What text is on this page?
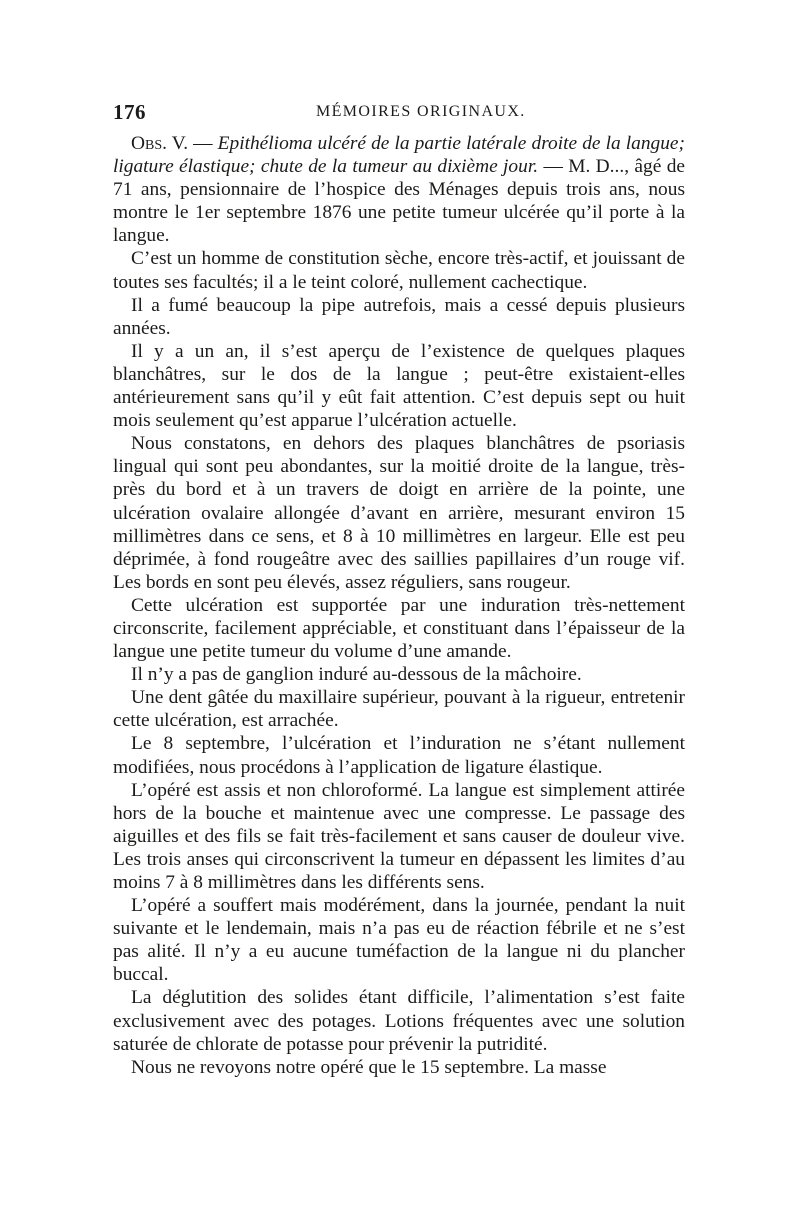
176	MÉMOIRES ORIGINAUX.

Obs. V. — Epithélioma ulcéré de la partie latérale droite de la langue; ligature élastique; chute de la tumeur au dixième jour. — M. D..., âgé de 71 ans, pensionnaire de l’hospice des Ménages depuis trois ans, nous montre le 1er septembre 1876 une petite tumeur ulcérée qu’il porte à la langue.

C’est un homme de constitution sèche, encore très-actif, et jouissant de toutes ses facultés; il a le teint coloré, nullement cachectique.

Il a fumé beaucoup la pipe autrefois, mais a cessé depuis plusieurs années.

Il y a un an, il s’est aperçu de l’existence de quelques plaques blanchâtres, sur le dos de la langue ; peut-être existaient-elles antérieurement sans qu’il y eût fait attention. C’est depuis sept ou huit mois seulement qu’est apparue l’ulcération actuelle.

Nous constatons, en dehors des plaques blanchâtres de psoriasis lingual qui sont peu abondantes, sur la moitié droite de la langue, très-près du bord et à un travers de doigt en arrière de la pointe, une ulcération ovalaire allongée d’avant en arrière, mesurant environ 15 millimètres dans ce sens, et 8 à 10 millimètres en largeur. Elle est peu déprimée, à fond rougeâtre avec des saillies papillaires d’un rouge vif. Les bords en sont peu élevés, assez réguliers, sans rougeur.

Cette ulcération est supportée par une induration très-nettement circonscrite, facilement appréciable, et constituant dans l’épaisseur de la langue une petite tumeur du volume d’une amande.

Il n’y a pas de ganglion induré au-dessous de la mâchoire.

Une dent gâtée du maxillaire supérieur, pouvant à la rigueur, entretenir cette ulcération, est arrachée.

Le 8 septembre, l’ulcération et l’induration ne s’étant nullement modifiées, nous procédons à l’application de ligature élastique.

L’opéré est assis et non chloroformé. La langue est simplement attirée hors de la bouche et maintenue avec une compresse. Le passage des aiguilles et des fils se fait très-facilement et sans causer de douleur vive. Les trois anses qui circonscrivent la tumeur en dépassent les limites d’au moins 7 à 8 millimètres dans les différents sens.

L’opéré a souffert mais modérément, dans la journée, pendant la nuit suivante et le lendemain, mais n’a pas eu de réaction fébrile et ne s’est pas alité. Il n’y a eu aucune tuméfaction de la langue ni du plancher buccal.

La déglutition des solides étant difficile, l’alimentation s’est faite exclusivement avec des potages. Lotions fréquentes avec une solution saturée de chlorate de potasse pour prévenir la putridité.

Nous ne revoyons notre opéré que le 15 septembre. La masse
